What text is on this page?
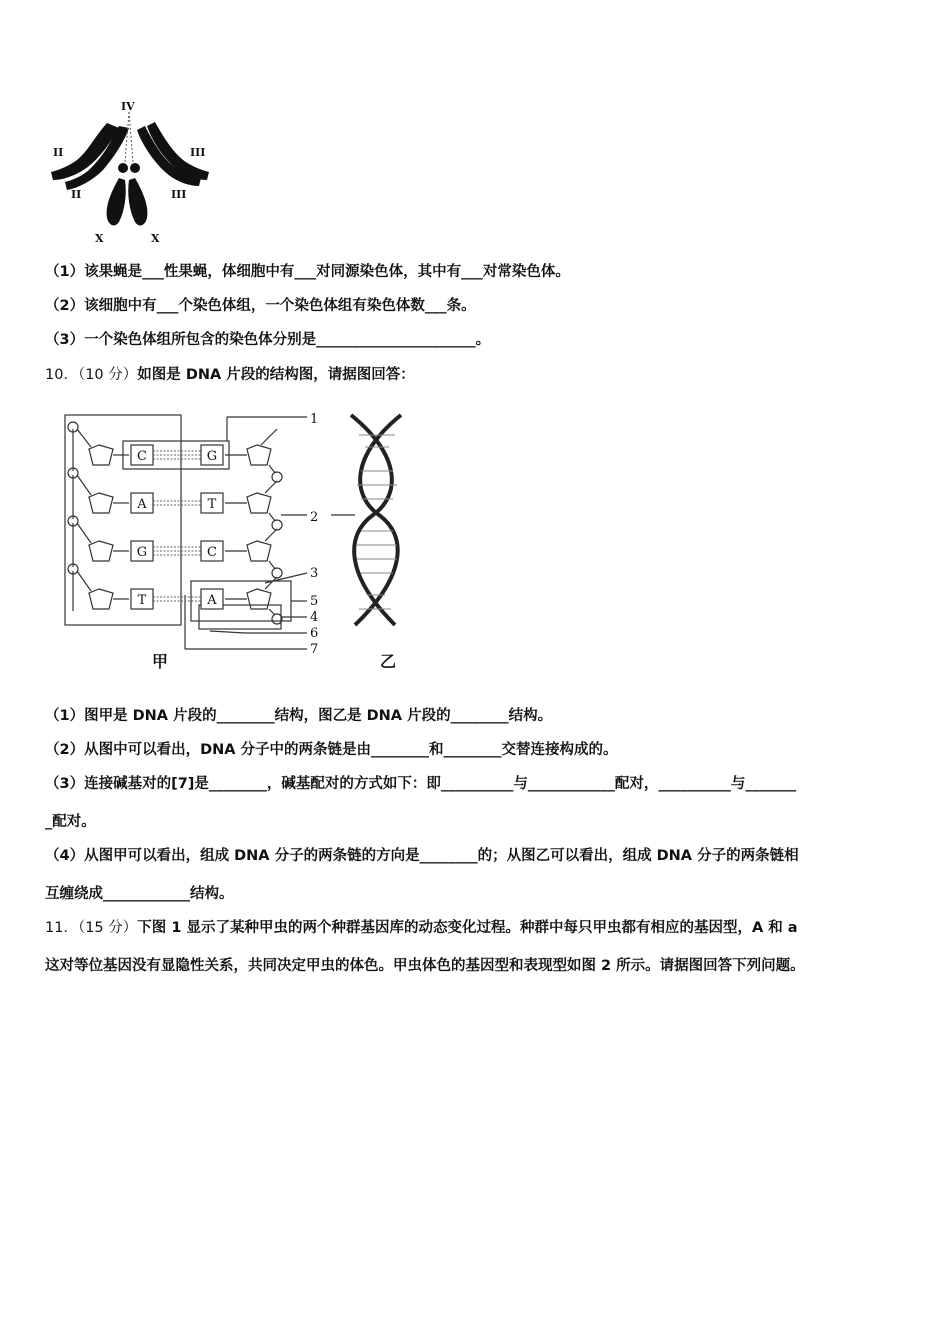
IV
II	III
II	III
X	X
（1）该果蝇是___性果蝇，体细胞中有___对同源染色体，其中有___对常染色体。
（2）该细胞中有___个染色体组，一个染色体组有染色体数___条。
（3）一个染色体组所包含的染色体分别是______________________。
10．（10 分）如图是 DNA 片段的结构图，请据图回答：
C
A
G
T
G
T
C
A
1
2
3
5
4
6
7
甲	乙
（1）图甲是 DNA 片段的________结构，图乙是 DNA 片段的________结构。
（2）从图中可以看出，DNA 分子中的两条链是由________和________交替连接构成的。
（3）连接碱基对的[7]是________，碱基配对的方式如下：即__________与____________配对，__________与_______
_配对。
（4）从图甲可以看出，组成 DNA 分子的两条链的方向是________的；从图乙可以看出，组成 DNA 分子的两条链相
互缠绕成____________结构。
11．（15 分）下图 1 显示了某种甲虫的两个种群基因库的动态变化过程。种群中每只甲虫都有相应的基因型，A 和 a
这对等位基因没有显隐性关系，共同决定甲虫的体色。甲虫体色的基因型和表现型如图 2 所示。请据图回答下列问题。
